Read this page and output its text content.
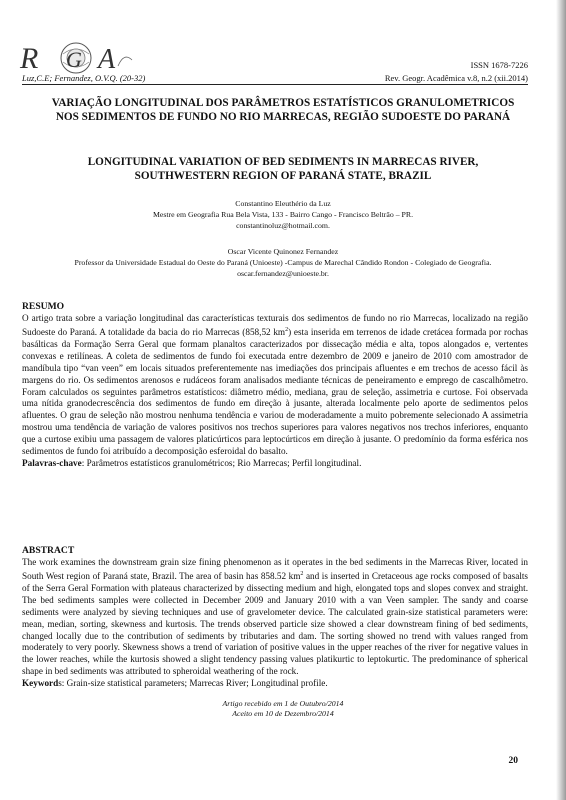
R G A	ISSN 1678-7226
Luz,C.E; Fernandez, O.V.Q. (20-32)	Rev. Geogr. Acadêmica v.8, n.2 (xii.2014)
VARIAÇÃO LONGITUDINAL DOS PARÂMETROS ESTATÍSTICOS GRANULOMETRICOS NOS SEDIMENTOS DE FUNDO NO RIO MARRECAS, REGIÃO SUDOESTE DO PARANÁ
LONGITUDINAL VARIATION OF BED SEDIMENTS IN MARRECAS RIVER, SOUTHWESTERN REGION OF PARANÁ STATE, BRAZIL
Constantino Eleuthério da Luz
Mestre em Geografia Rua Bela Vista, 133 - Bairro Cango - Francisco Beltrão – PR.
constantinoluz@hotmail.com.
Oscar Vicente Quinonez Fernandez
Professor da Universidade Estadual do Oeste do Paraná (Unioeste) -Campus de Marechal Cândido Rondon - Colegiado de Geografia.
oscar.fernandez@unioeste.br.
RESUMO

O artigo trata sobre a variação longitudinal das características texturais dos sedimentos de fundo no rio Marrecas, localizado na região Sudoeste do Paraná. A totalidade da bacia do rio Marrecas (858,52 $km^2$) esta inserida em terrenos de idade cretácea formada por rochas basálticas da Formação Serra Geral que formam planaltos caracterizados por dissecação média e alta, topos alongados e, vertentes convexas e retilíneas. A coleta de sedimentos de fundo foi executada entre dezembro de 2009 e janeiro de 2010 com amostrador de mandíbula tipo “van veen” em locais situados preferentemente nas imediações dos principais afluentes e em trechos de acesso fácil às margens do rio. Os sedimentos arenosos e rudáceos foram analisados mediante técnicas de peneiramento e emprego de cascalhômetro. Foram calculados os seguintes parâmetros estatísticos: diâmetro médio, mediana, grau de seleção, assimetria e curtose. Foi observada uma nítida granodecrescência dos sedimentos de fundo em direção à jusante, alterada localmente pelo aporte de sedimentos pelos afluentes. O grau de seleção não mostrou nenhuma tendência e variou de moderadamente a muito pobremente selecionado A assimetria mostrou uma tendência de variação de valores positivos nos trechos superiores para valores negativos nos trechos inferiores, enquanto que a curtose exibiu uma passagem de valores platicúrticos para leptocúrticos em direção à jusante. O predomínio da forma esférica nos sedimentos de fundo foi atribuído a decomposição esferoidal do basalto.

Palavras-chave: Parâmetros estatísticos granulométricos; Rio Marrecas; Perfil longitudinal.

ABSTRACT

The work examines the downstream grain size fining phenomenon as it operates in the bed sediments in the Marrecas River, located in South West region of Paraná state, Brazil. The area of basin has 858.52 $km^2$ and is inserted in Cretaceous age rocks composed of basalts of the Serra Geral Formation with plateaus characterized by dissecting medium and high, elongated tops and slopes convex and straight. The bed sediments samples were collected in December 2009 and January 2010 with a van Veen sampler. The sandy and coarse sediments were analyzed by sieving techniques and use of gravelometer device. The calculated grain-size statistical parameters were: mean, median, sorting, skewness and kurtosis. The trends observed particle size showed a clear downstream fining of bed sediments, changed locally due to the contribution of sediments by tributaries and dam. The sorting showed no trend with values ranged from moderately to very poorly. Skewness shows a trend of variation of positive values in the upper reaches of the river for negative values in the lower reaches, while the kurtosis showed a slight tendency passing values platikurtic to leptokurtic. The predominance of spherical shape in bed sediments was attributed to spheroidal weathering of the rock.

Keywords: Grain-size statistical parameters; Marrecas River; Longitudinal profile.

Artigo recebido em 1 de Outubro/2014
Aceito em 10 de Dezembro/2014
20
